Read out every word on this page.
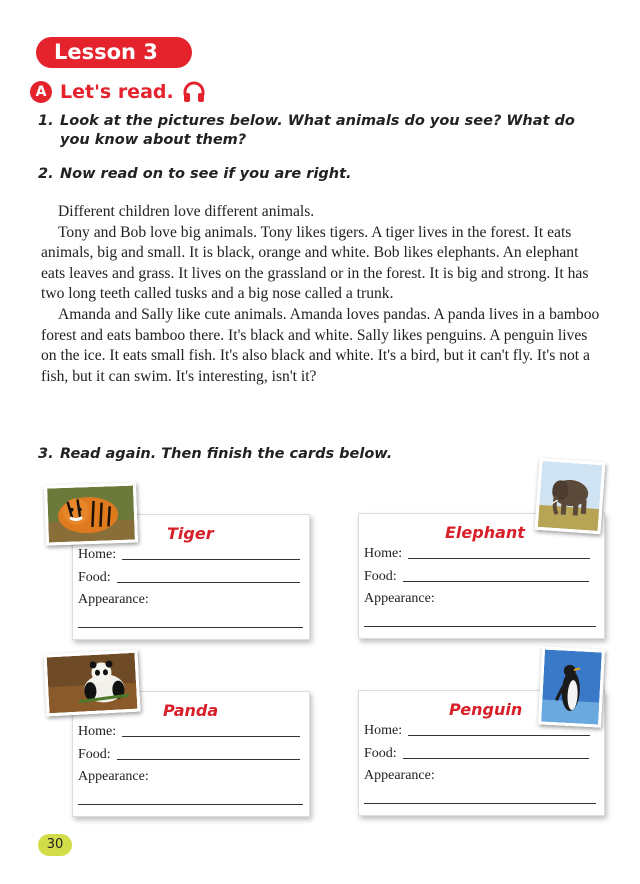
Lesson 3
A Let's read.
1. Look at the pictures below. What animals do you see? What do
you know about them?
2. Now read on to see if you are right.

Different children love different animals.

Tony and Bob love big animals. Tony likes tigers. A tiger lives in the forest. It eats animals, big and small. It is black, orange and white. Bob likes elephants. An elephant eats leaves and grass. It lives on the grassland or in the forest. It is big and strong. It has two long teeth called tusks and a big nose called a trunk.

Amanda and Sally like cute animals. Amanda loves pandas. A panda lives in a bamboo forest and eats bamboo there. It's black and white. Sally likes penguins. A penguin lives on the ice. It eats small fish. It's also black and white. It's a bird, but it can't fly. It's not a fish, but it can swim. It's interesting, isn't it?

3. Read again. Then finish the cards below.
Tiger
Home:
Food:
Appearance:
Elephant
Home:
Food:
Appearance:
Panda
Home:
Food:
Appearance:
Penguin
Home:
Food:
Appearance:
30
